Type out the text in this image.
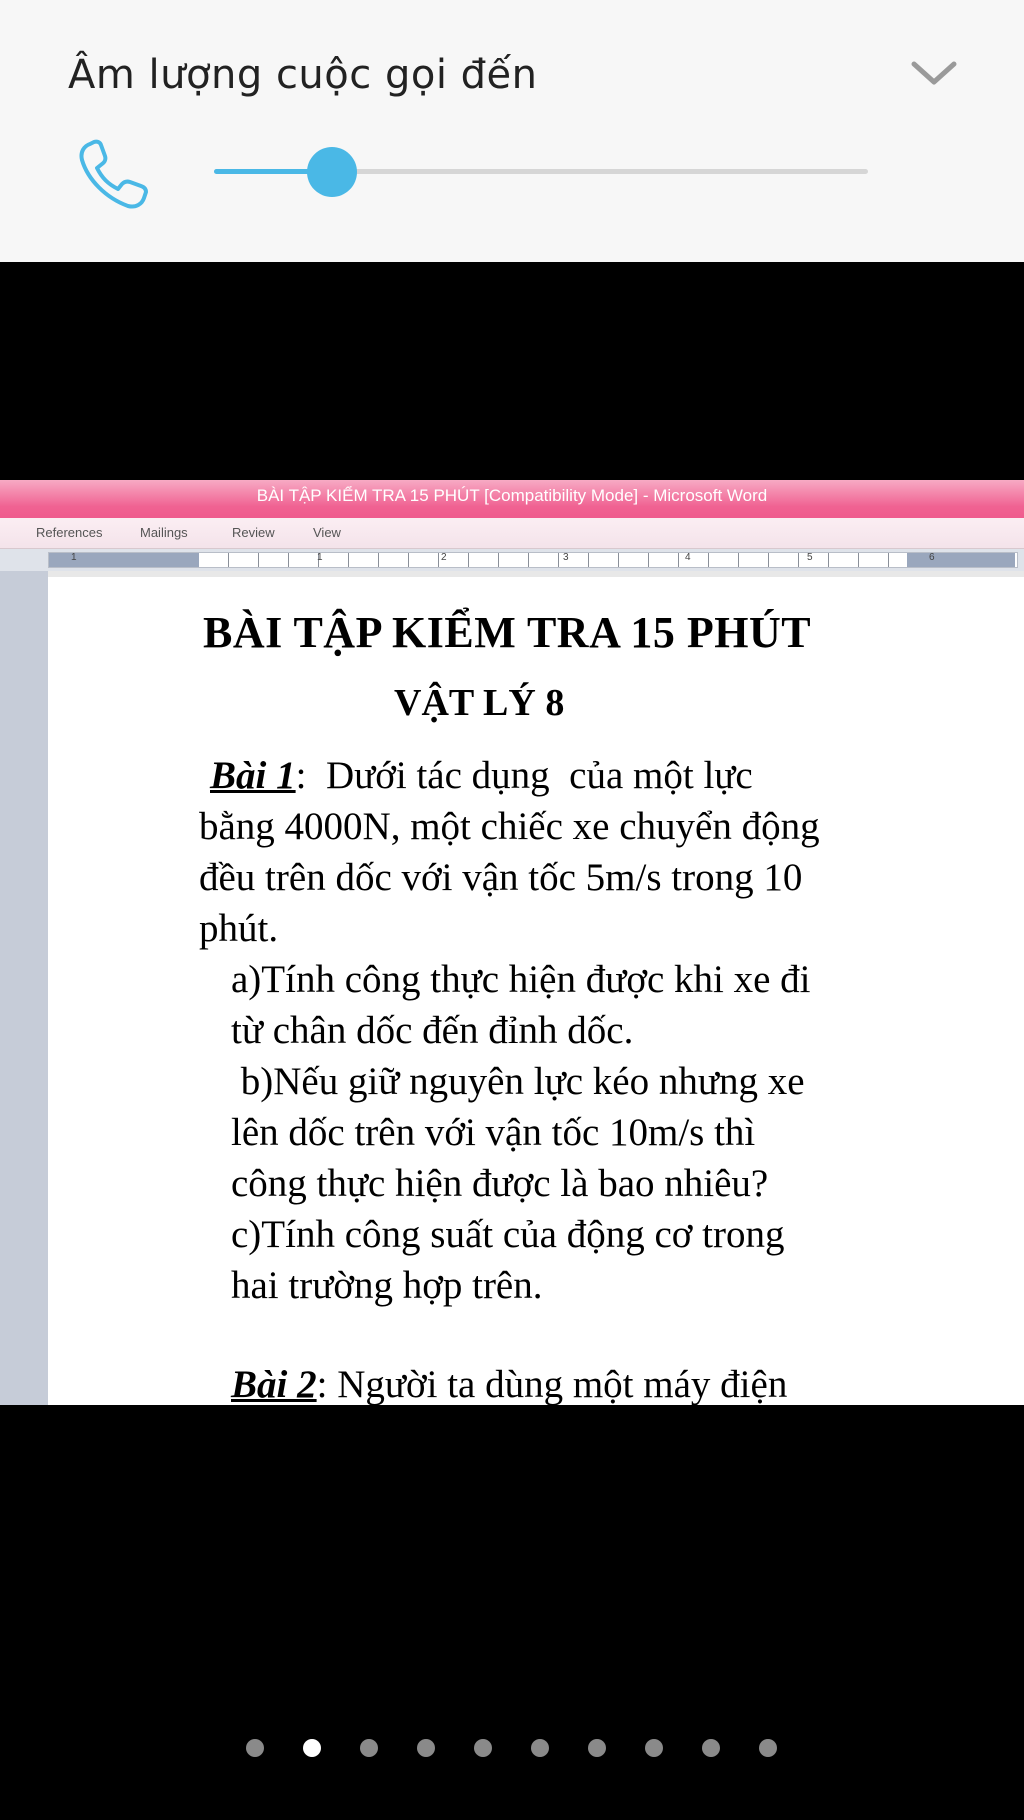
Âm lượng cuộc gọi đến
BÀI TẬP KIỂM TRA 15 PHÚT [Compatibility Mode] - Microsoft Word
References	Mailings	Review	View
1	1	2	3	4	5	6
BÀI TẬP KIỂM TRA 15 PHÚT
VẬT LÝ 8
Bài 1:  Dưới tác dụng  của một lực
bằng 4000N, một chiếc xe chuyển động
đều trên dốc với vận tốc 5m/s trong 10
phút.
a)Tính công thực hiện được khi xe đi
từ chân dốc đến đỉnh dốc.
b)Nếu giữ nguyên lực kéo nhưng xe
lên dốc trên với vận tốc 10m/s thì
công thực hiện được là bao nhiêu?
c)Tính công suất của động cơ trong
hai trường hợp trên.
Bài 2: Người ta dùng một máy điện
